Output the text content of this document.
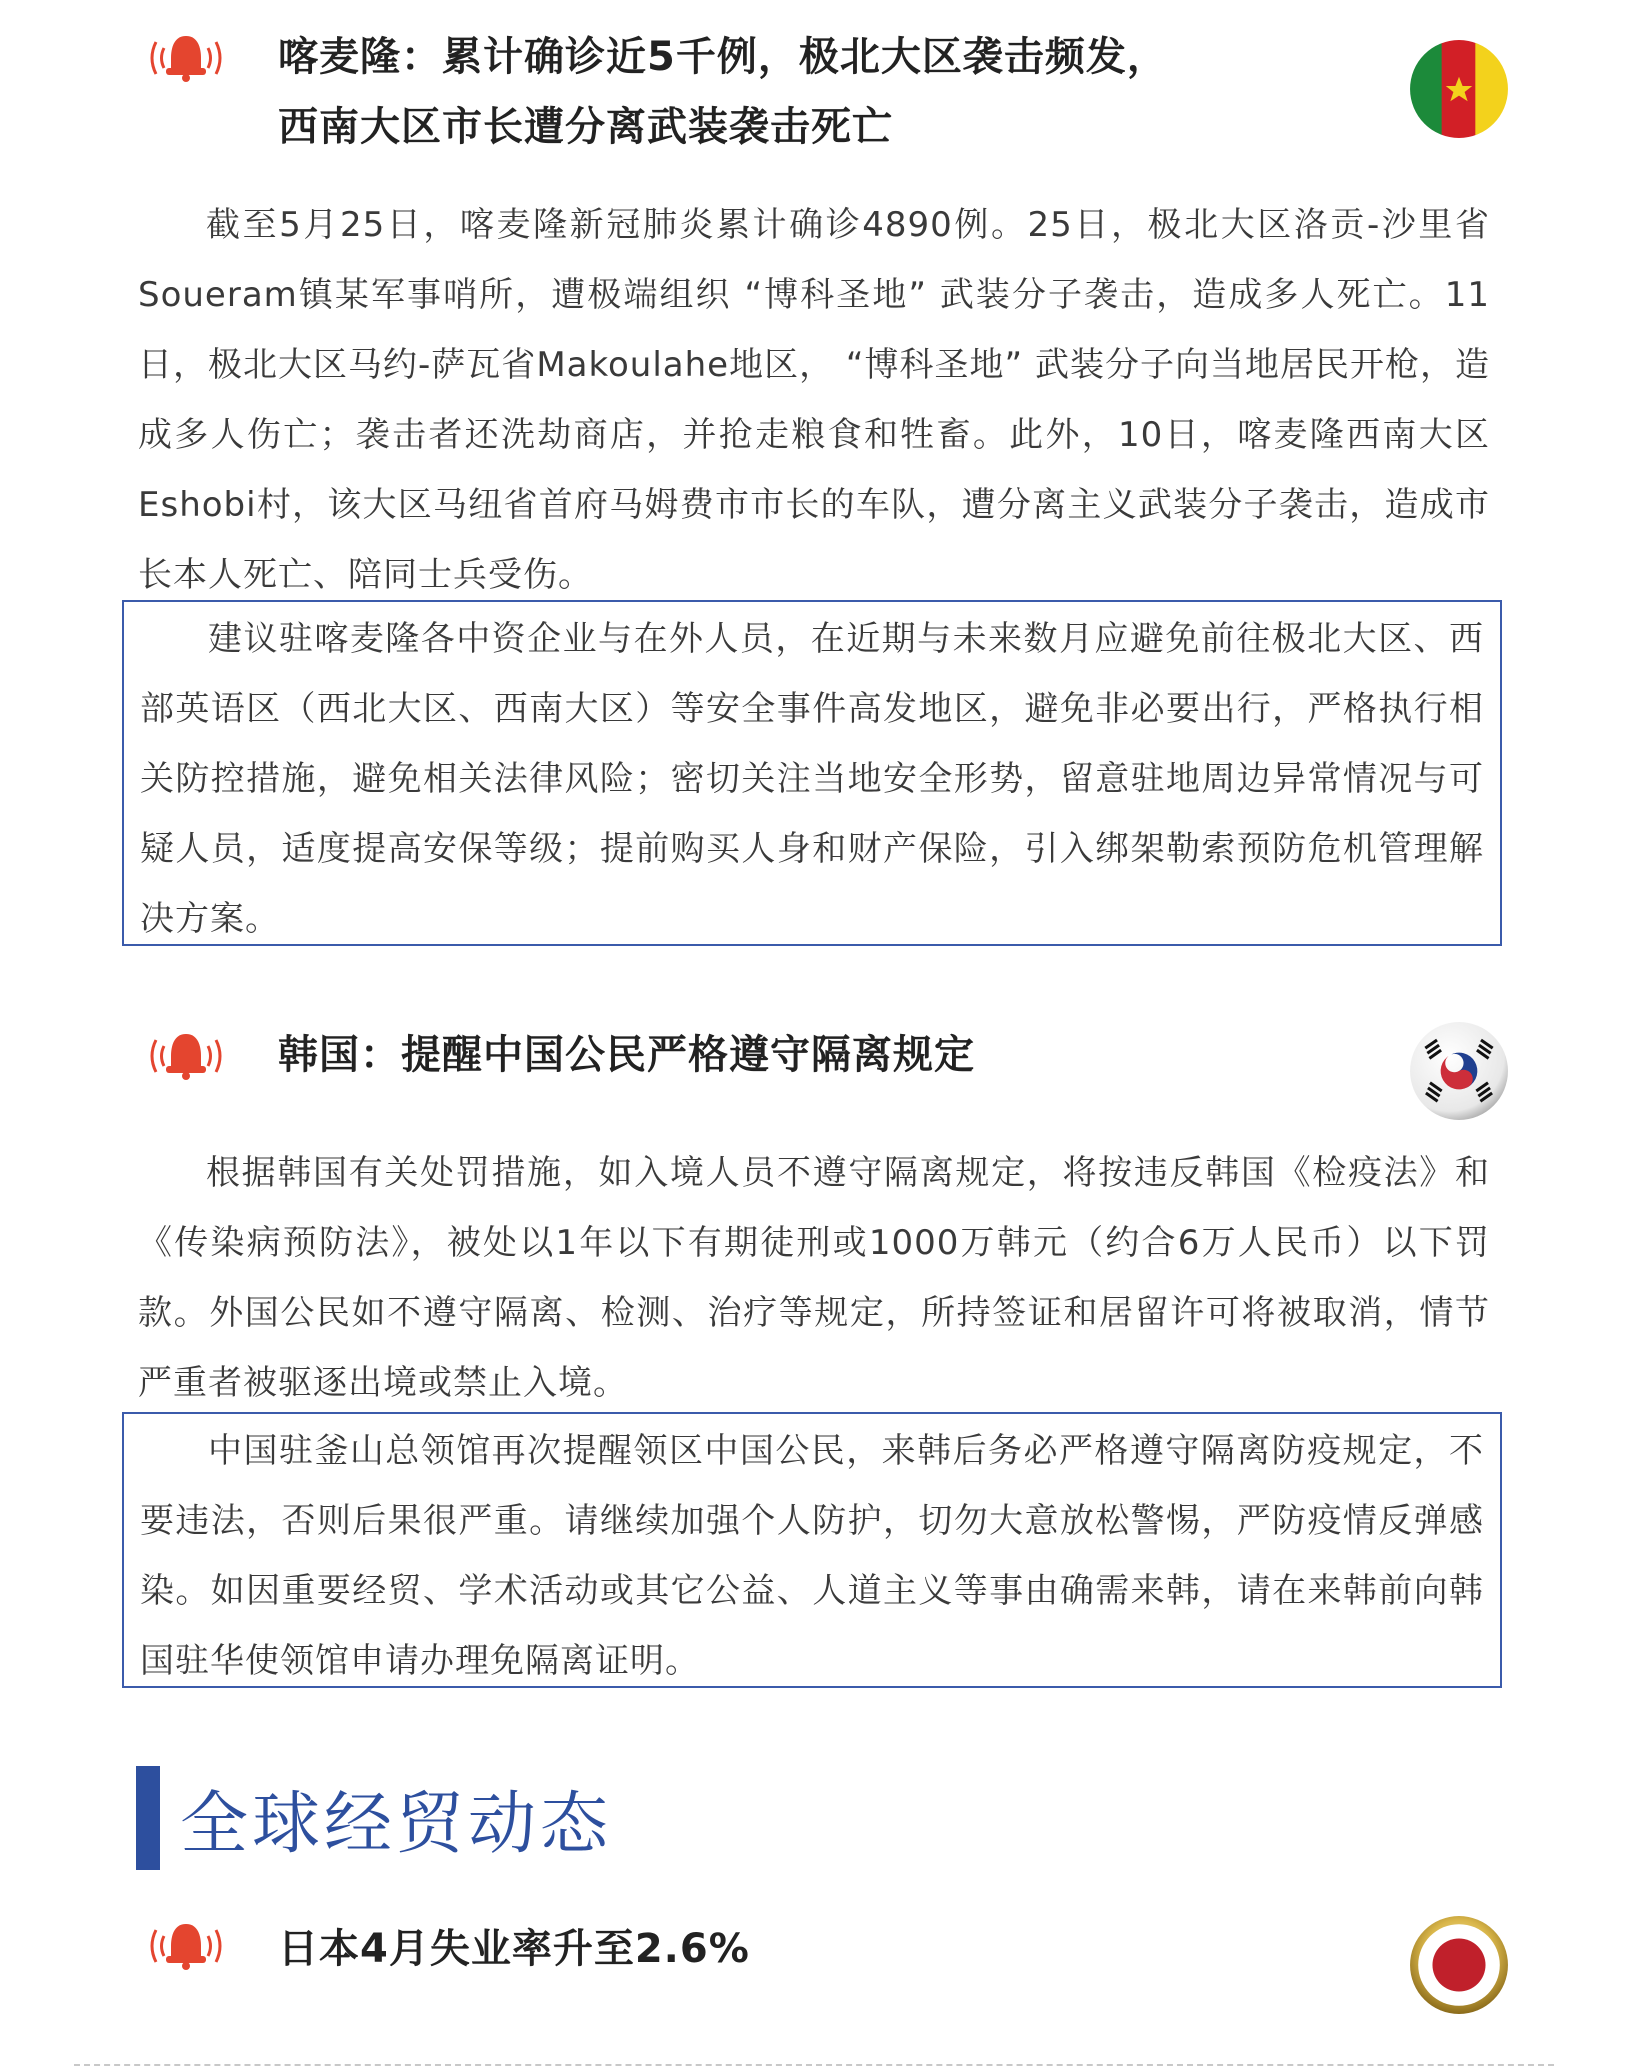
喀麦隆：累计确诊近5千例，极北大区袭击频发，
西南大区市长遭分离武装袭击死亡

截至5月25日，喀麦隆新冠肺炎累计确诊4890例。25日，极北大区洛贡-沙里省Soueram镇某军事哨所，遭极端组织 “博科圣地” 武装分子袭击，造成多人死亡。11日，极北大区马约-萨瓦省Makoulahe地区， “博科圣地” 武装分子向当地居民开枪，造成多人伤亡；袭击者还洗劫商店，并抢走粮食和牲畜。此外，10日，喀麦隆西南大区Eshobi村，该大区马纽省首府马姆费市市长的车队，遭分离主义武装分子袭击，造成市长本人死亡、陪同士兵受伤。

建议驻喀麦隆各中资企业与在外人员，在近期与未来数月应避免前往极北大区、西部英语区（西北大区、西南大区）等安全事件高发地区，避免非必要出行，严格执行相关防控措施，避免相关法律风险；密切关注当地安全形势，留意驻地周边异常情况与可疑人员，适度提高安保等级；提前购买人身和财产保险，引入绑架勒索预防危机管理解决方案。

韩国：提醒中国公民严格遵守隔离规定

根据韩国有关处罚措施，如入境人员不遵守隔离规定，将按违反韩国《检疫法》和《传染病预防法》，被处以1年以下有期徒刑或1000万韩元（约合6万人民币）以下罚款。外国公民如不遵守隔离、检测、治疗等规定，所持签证和居留许可将被取消，情节严重者被驱逐出境或禁止入境。

中国驻釜山总领馆再次提醒领区中国公民，来韩后务必严格遵守隔离防疫规定，不要违法，否则后果很严重。请继续加强个人防护，切勿大意放松警惕，严防疫情反弹感染。如因重要经贸、学术活动或其它公益、人道主义等事由确需来韩，请在来韩前向韩国驻华使领馆申请办理免隔离证明。

全球经贸动态
日本4月失业率升至2.6%
